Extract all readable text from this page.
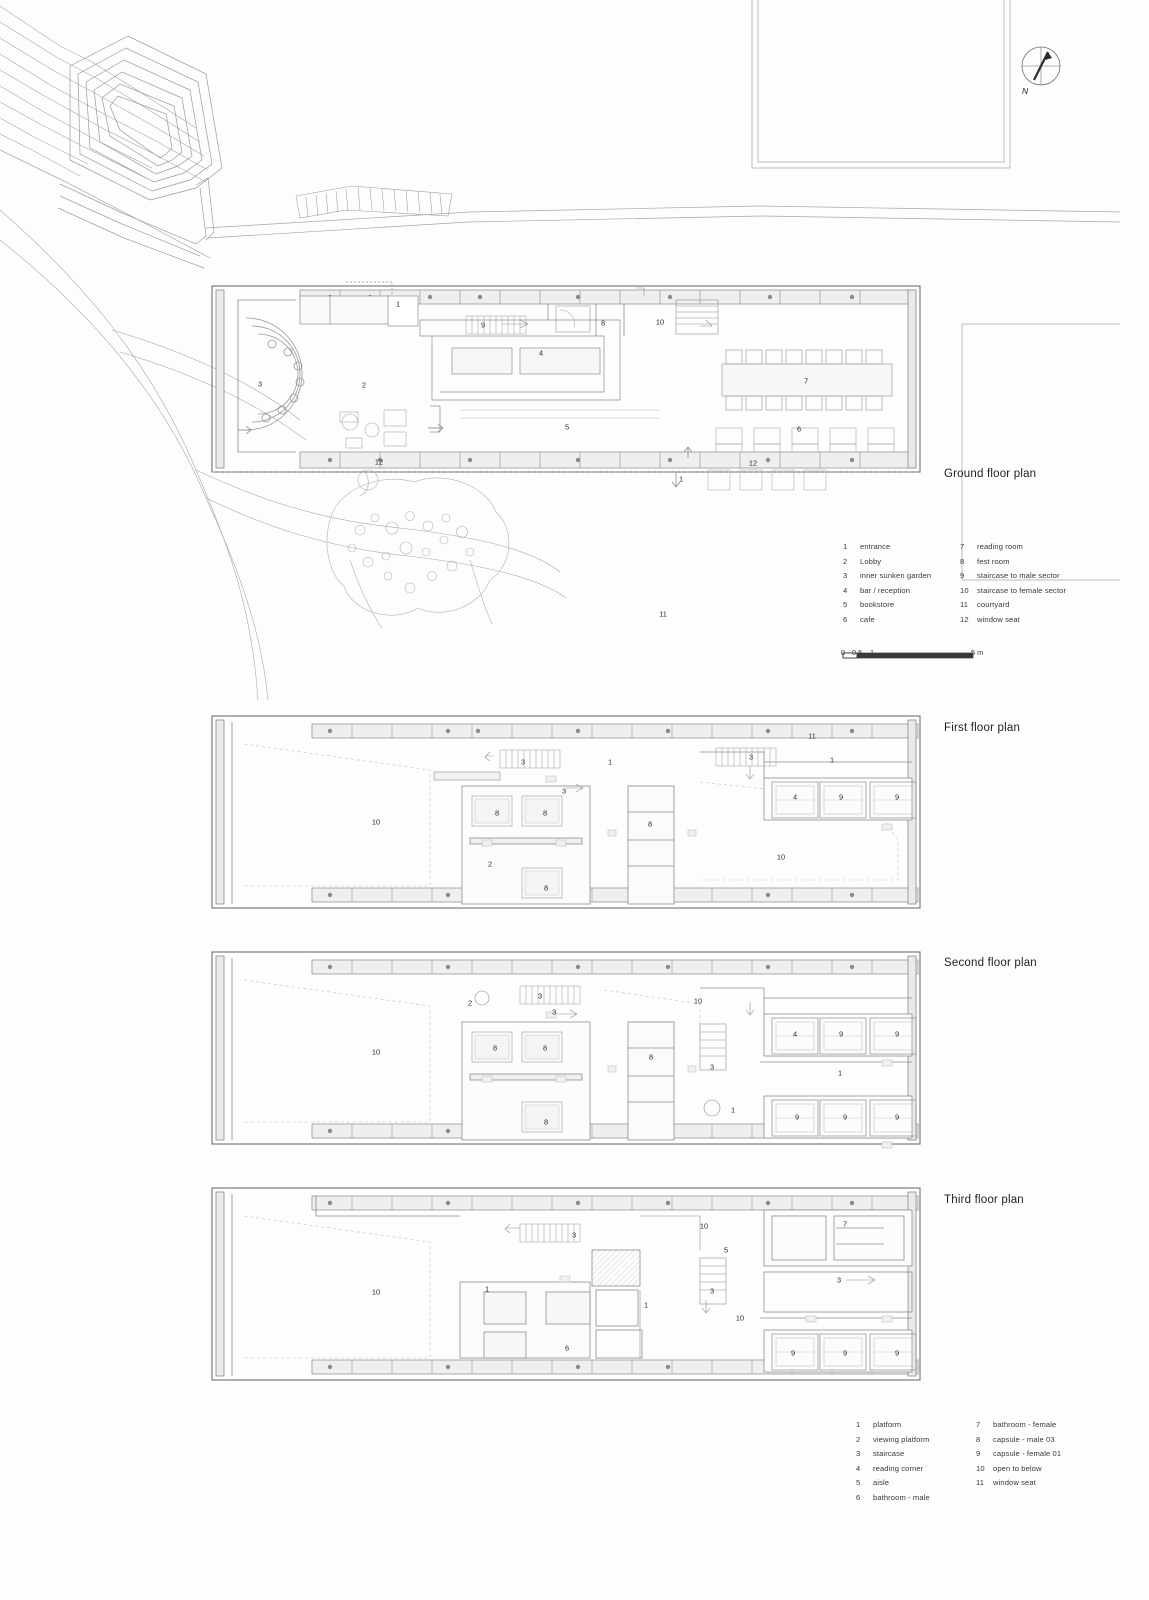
N
Ground floor plan
First floor plan
Second floor plan
Third floor plan
1
9	8	10
3	2
4
7
5	6
12	12
1
11
11
3	1
3	1
3
4	9	9
8	8
8
10
2
10
8
2
3
10
3
4	9	9
8	8
8
3
10
1
1
8
9	9	9
10	7
3
5
3
1	3
10
1
10
6
9	9	9
1	entrance
2	Lobby
3	inner sunken garden
4	bar / reception
5	bookstore
6	cafe
7	reading room
8	fest room
9	staircase to male sector
10	staircase to female sector
11	courtyard
12	window seat
0 0.5 1	5 m
1	platform
2	viewing platform
3	staircase
4	reading corner
5	aisle
6	bathroom - male
7	bathroom - female
8	capsule - male 03
9	capsule - female 01
10	open to below
11	window seat
